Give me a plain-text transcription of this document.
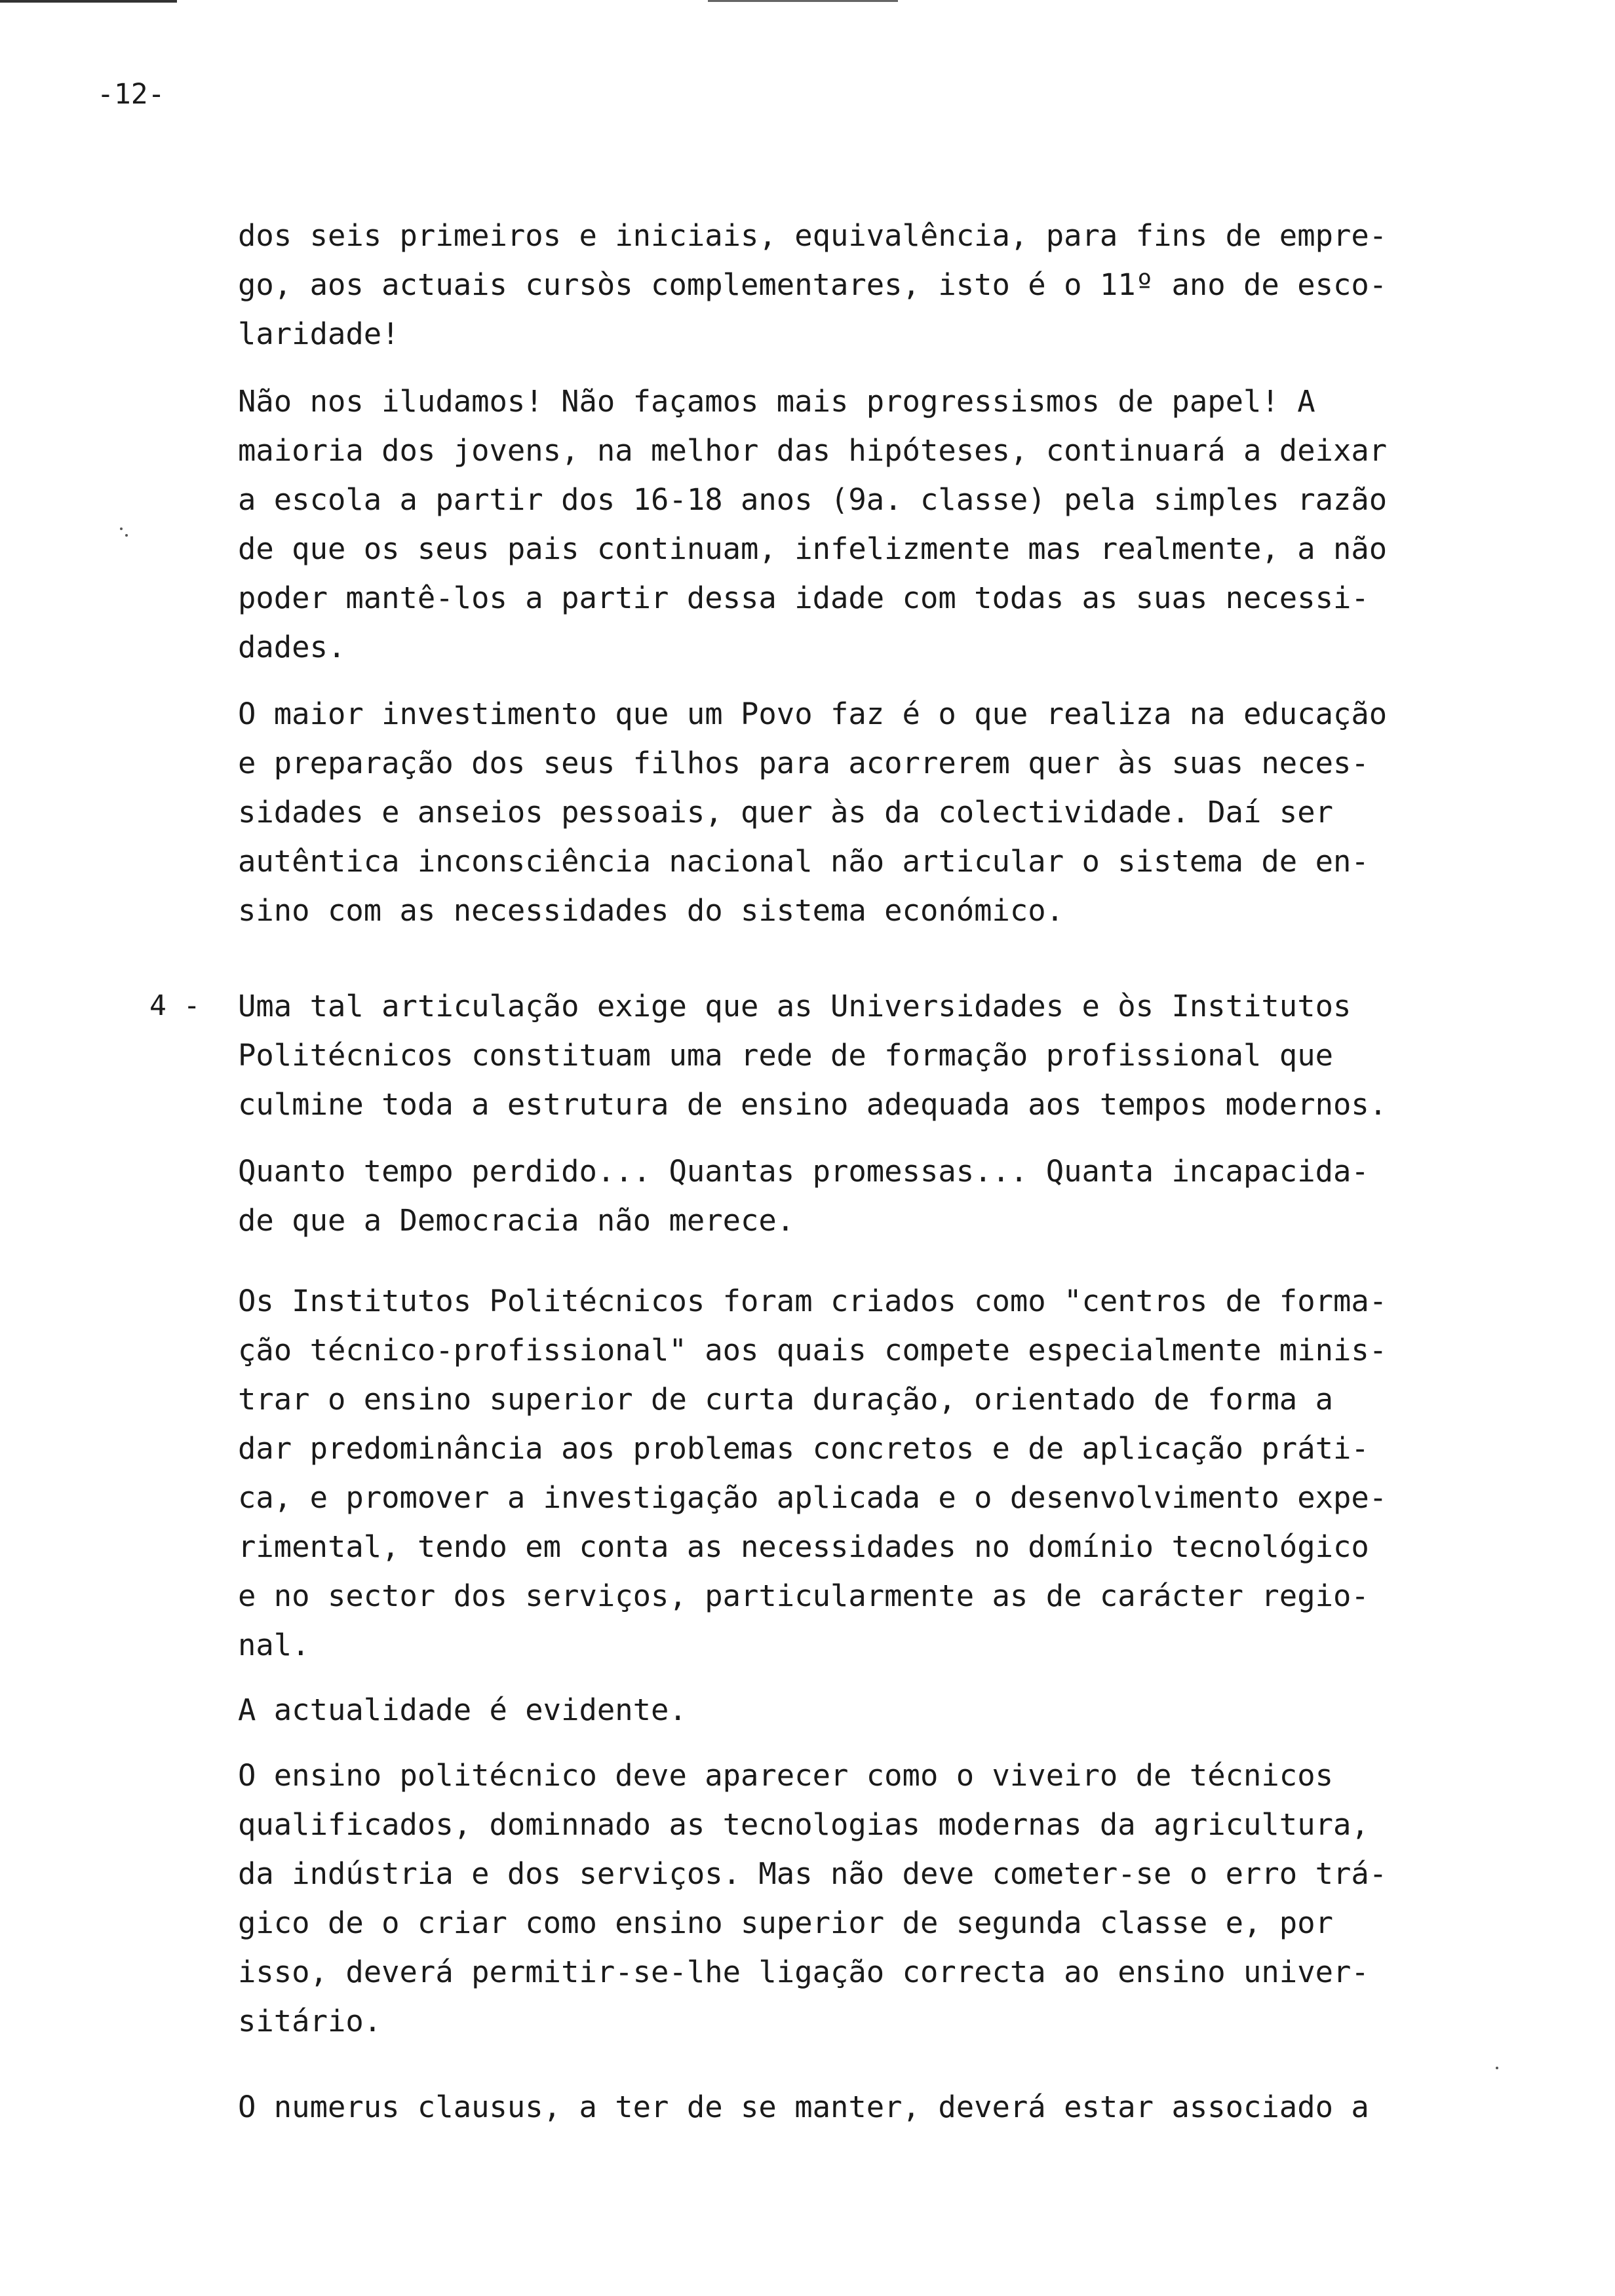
-12-
dos seis primeiros e iniciais, equivalência, para fins de empre-
go, aos actuais cursòs complementares, isto é o 11º ano de esco-
laridade!
Não nos iludamos! Não façamos mais progressismos de papel! A
maioria dos jovens, na melhor das hipóteses, continuará a deixar
a escola a partir dos 16-18 anos (9a. classe) pela simples razão
de que os seus pais continuam, infelizmente mas realmente, a não
poder mantê-los a partir dessa idade com todas as suas necessi-
dades.
O maior investimento que um Povo faz é o que realiza na educação
e preparação dos seus filhos para acorrerem quer às suas neces-
sidades e anseios pessoais, quer às da colectividade. Daí ser
autêntica inconsciência nacional não articular o sistema de en-
sino com as necessidades do sistema económico.
4 - Uma tal articulação exige que as Universidades e òs Institutos
Politécnicos constituam uma rede de formação profissional que
culmine toda a estrutura de ensino adequada aos tempos modernos.
Quanto tempo perdido... Quantas promessas... Quanta incapacida-
de que a Democracia não merece.
Os Institutos Politécnicos foram criados como "centros de forma-
ção técnico-profissional" aos quais compete especialmente minis-
trar o ensino superior de curta duração, orientado de forma a
dar predominância aos problemas concretos e de aplicação práti-
ca, e promover a investigação aplicada e o desenvolvimento expe-
rimental, tendo em conta as necessidades no domínio tecnológico
e no sector dos serviços, particularmente as de carácter regio-
nal.
A actualidade é evidente.
O ensino politécnico deve aparecer como o viveiro de técnicos
qualificados, dominnado as tecnologias modernas da agricultura,
da indústria e dos serviços. Mas não deve cometer-se o erro trá-
gico de o criar como ensino superior de segunda classe e, por
isso, deverá permitir-se-lhe ligação correcta ao ensino univer-
sitário.
O numerus clausus, a ter de se manter, deverá estar associado a
